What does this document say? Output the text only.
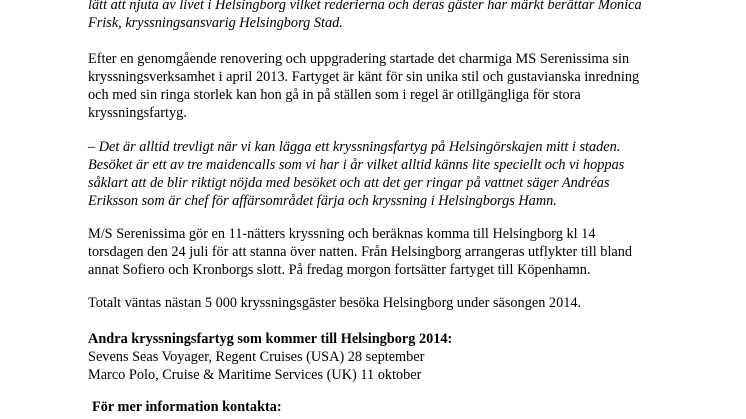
lätt att njuta av livet i Helsingborg vilket rederierna och deras gäster har märkt berättar Monica
Frisk, kryssningsansvarig Helsingborg Stad.
Efter en genomgående renovering och uppgradering startade det charmiga MS Serenissima sin
kryssningsverksamhet i april 2013. Fartyget är känt för sin unika stil och gustavianska inredning
och med sin ringa storlek kan hon gå in på ställen som i regel är otillgängliga för stora
kryssningsfartyg.
– Det är alltid trevligt när vi kan lägga ett kryssningsfartyg på Helsingörskajen mitt i staden.
Besöket är ett av tre maidencalls som vi har i år vilket alltid känns lite speciellt och vi hoppas
såklart att de blir riktigt nöjda med besöket och att det ger ringar på vattnet säger Andréas
Eriksson som är chef för affärsområdet färja och kryssning i Helsingborgs Hamn.
M/S Serenissima gör en 11-nätters kryssning och beräknas komma till Helsingborg kl 14
torsdagen den 24 juli för att stanna över natten. Från Helsingborg arrangeras utflykter till bland
annat Sofiero och Kronborgs slott. På fredag morgon fortsätter fartyget till Köpenhamn.
Totalt väntas nästan 5 000 kryssningsgäster besöka Helsingborg under säsongen 2014.
Andra kryssningsfartyg som kommer till Helsingborg 2014:
Sevens Seas Voyager, Regent Cruises (USA) 28 september
Marco Polo, Cruise & Maritime Services (UK) 11 oktober
För mer information kontakta:
